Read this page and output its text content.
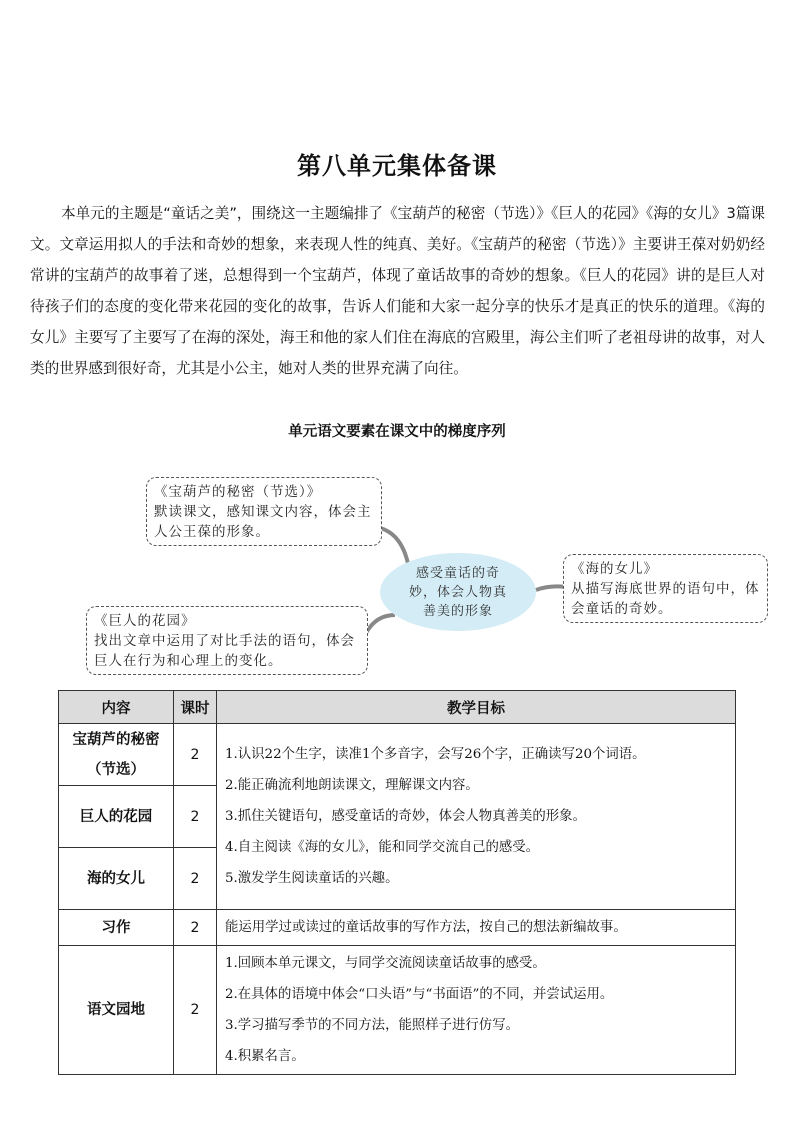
第八单元集体备课

本单元的主题是“童话之美”，围绕这一主题编排了《宝葫芦的秘密（节选）》《巨人的花园》《海的女儿》3篇课文。文章运用拟人的手法和奇妙的想象，来表现人性的纯真、美好。《宝葫芦的秘密（节选）》主要讲王葆对奶奶经常讲的宝葫芦的故事着了迷，总想得到一个宝葫芦，体现了童话故事的奇妙的想象。《巨人的花园》讲的是巨人对待孩子们的态度的变化带来花园的变化的故事，告诉人们能和大家一起分享的快乐才是真正的快乐的道理。《海的女儿》主要写了主要写了在海的深处，海王和他的家人们住在海底的宫殿里，海公主们听了老祖母讲的故事，对人类的世界感到很好奇，尤其是小公主，她对人类的世界充满了向往。

单元语文要素在课文中的梯度序列
《宝葫芦的秘密（节选）》
默读课文，感知课文内容，体会主人公王葆的形象。
《巨人的花园》
找出文章中运用了对比手法的语句，体会巨人在行为和心理上的变化。
《海的女儿》
从描写海底世界的语句中，体会童话的奇妙。
感受童话的奇妙，体会人物真善美的形象
内容	课时	教学目标
宝葫芦的秘密（节选）	2	1.认识22个生字，读准1个多音字，会写26个字，正确读写20个词语。
2.能正确流利地朗读课文，理解课文内容。
3.抓住关键语句，感受童话的奇妙，体会人物真善美的形象。
4.自主阅读《海的女儿》，能和同学交流自己的感受。
5.激发学生阅读童话的兴趣。

巨人的花园	2	
海的女儿	2	
习作	2	能运用学过或读过的童话故事的写作方法，按自己的想法新编故事。
语文园地	2	1.回顾本单元课文，与同学交流阅读童话故事的感受。
2.在具体的语境中体会“口头语”与“书面语”的不同，并尝试运用。
3.学习描写季节的不同方法，能照样子进行仿写。
4.积累名言。
